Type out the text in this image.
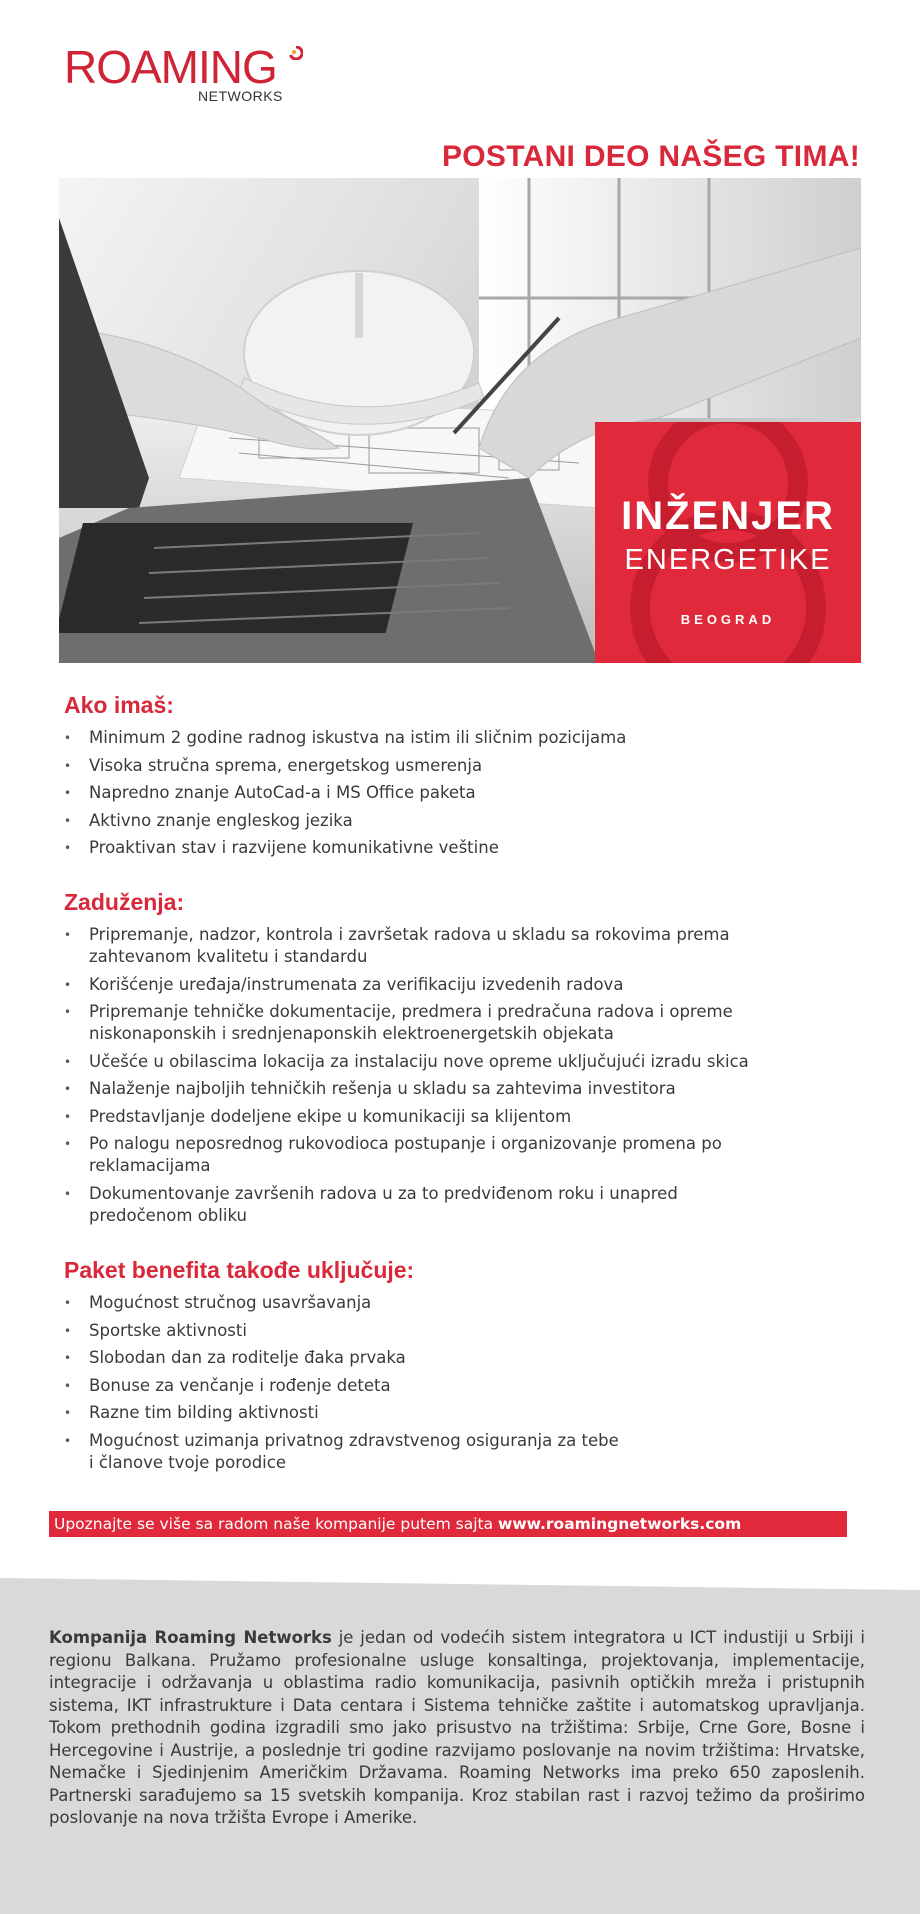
ROAMING
NETWORKS
POSTANI DEO NAŠEG TIMA!
INŽENJER
ENERGETIKE
BEOGRAD
Ako imaš:
• Minimum 2 godine radnog iskustva na istim ili sličnim pozicijama
• Visoka stručna sprema, energetskog usmerenja
• Napredno znanje AutoCad-a i MS Office paketa
• Aktivno znanje engleskog jezika
• Proaktivan stav i razvijene komunikativne veštine
Zaduženja:
• Pripremanje, nadzor, kontrola i završetak radova u skladu sa rokovima prema zahtevanom kvalitetu i standardu
• Korišćenje uređaja/instrumenata za verifikaciju izvedenih radova
• Pripremanje tehničke dokumentacije, predmera i predračuna radova i opreme niskonaponskih i srednjenaponskih elektroenergetskih objekata
• Učešće u obilascima lokacija za instalaciju nove opreme uključujući izradu skica
• Nalaženje najboljih tehničkih rešenja u skladu sa zahtevima investitora
• Predstavljanje dodeljene ekipe u komunikaciji sa klijentom
• Po nalogu neposrednog rukovodioca postupanje i organizovanje promena po reklamacijama
• Dokumentovanje završenih radova u za to predviđenom roku i unapred predočenom obliku
Paket benefita takođe uključuje:
• Mogućnost stručnog usavršavanja
• Sportske aktivnosti
• Slobodan dan za roditelje đaka prvaka
• Bonuse za venčanje i rođenje deteta
• Razne tim bilding aktivnosti
• Mogućnost uzimanja privatnog zdravstvenog osiguranja za tebe i članove tvoje porodice
Upoznajte se više sa radom naše kompanije putem sajta www.roamingnetworks.com
Kompanija Roaming Networks je jedan od vodećih sistem integratora u ICT industiji u Srbiji i regionu Balkana. Pružamo profesionalne usluge konsaltinga, projektovanja, implementacije, integracije i održavanja u oblastima radio komunikacija, pasivnih optičkih mreža i pristupnih sistema, IKT infrastrukture i Data centara i Sistema tehničke zaštite i automatskog upravljanja. Tokom prethodnih godina izgradili smo jako prisustvo na tržištima: Srbije, Crne Gore, Bosne i Hercegovine i Austrije, a poslednje tri godine razvijamo poslovanje na novim tržištima: Hrvatske, Nemačke i Sjedinjenim Američkim Državama. Roaming Networks ima preko 650 zaposlenih. Partnerski sarađujemo sa 15 svetskih kompanija. Kroz stabilan rast i razvoj težimo da proširimo poslovanje na nova tržišta Evrope i Amerike.
